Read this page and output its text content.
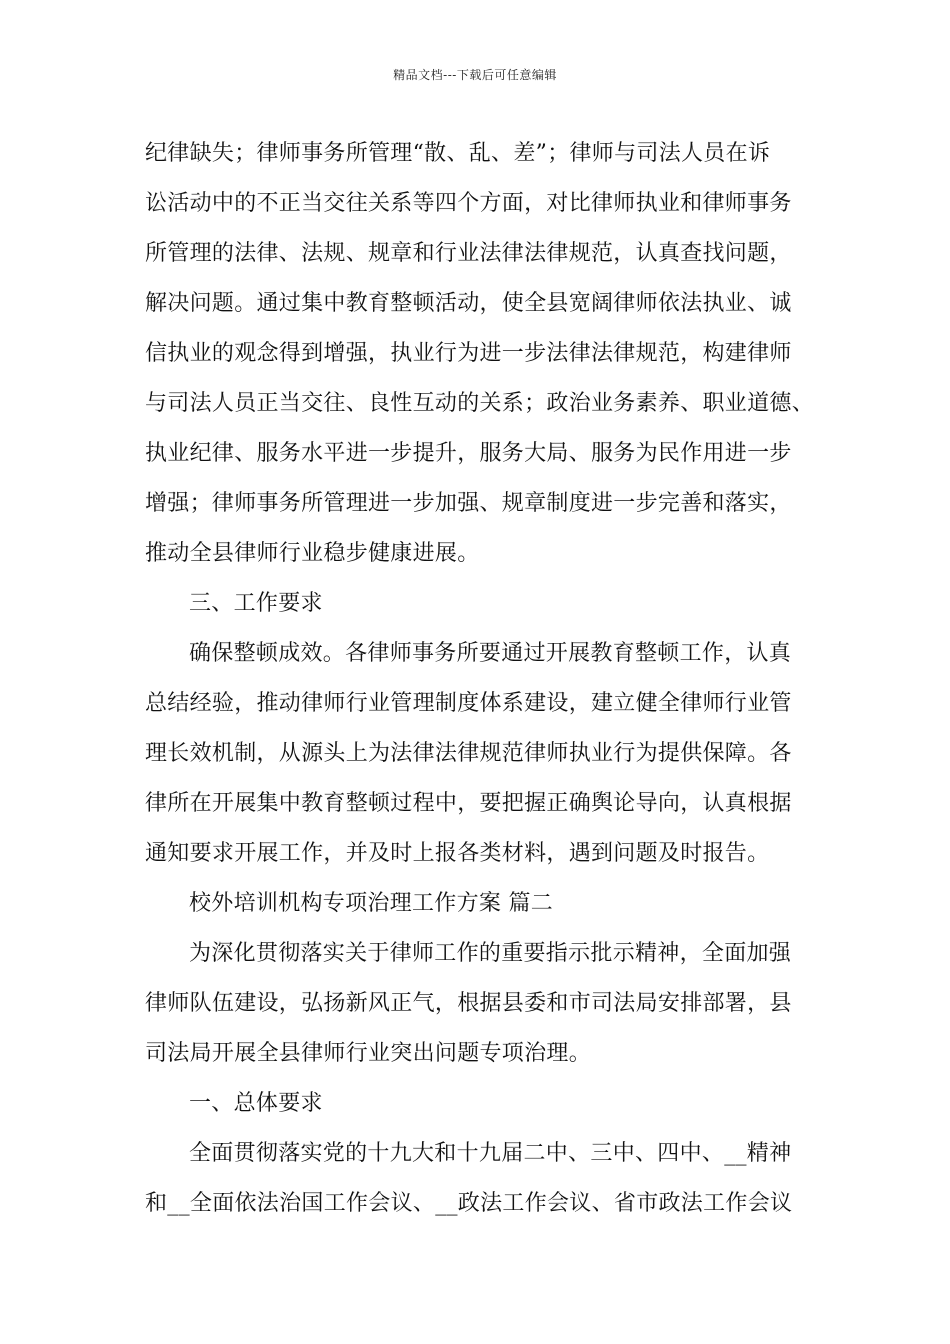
精品文档---下载后可任意编辑
纪律缺失；律师事务所管理“散、乱、差”；律师与司法人员在诉
讼活动中的不正当交往关系等四个方面，对比律师执业和律师事务
所管理的法律、法规、规章和行业法律法律规范，认真查找问题，
解决问题。通过集中教育整顿活动，使全县宽阔律师依法执业、诚
信执业的观念得到增强，执业行为进一步法律法律规范，构建律师
与司法人员正当交往、良性互动的关系；政治业务素养、职业道德、
执业纪律、服务水平进一步提升，服务大局、服务为民作用进一步
增强；律师事务所管理进一步加强、规章制度进一步完善和落实，
推动全县律师行业稳步健康进展。
三、工作要求
确保整顿成效。各律师事务所要通过开展教育整顿工作，认真
总结经验，推动律师行业管理制度体系建设，建立健全律师行业管
理长效机制，从源头上为法律法律规范律师执业行为提供保障。各
律所在开展集中教育整顿过程中，要把握正确舆论导向，认真根据
通知要求开展工作，并及时上报各类材料，遇到问题及时报告。
校外培训机构专项治理工作方案 篇二
为深化贯彻落实关于律师工作的重要指示批示精神，全面加强
律师队伍建设，弘扬新风正气，根据县委和市司法局安排部署，县
司法局开展全县律师行业突出问题专项治理。
一、总体要求
全面贯彻落实党的十九大和十九届二中、三中、四中、__精神
和__全面依法治国工作会议、__政法工作会议、省市政法工作会议
